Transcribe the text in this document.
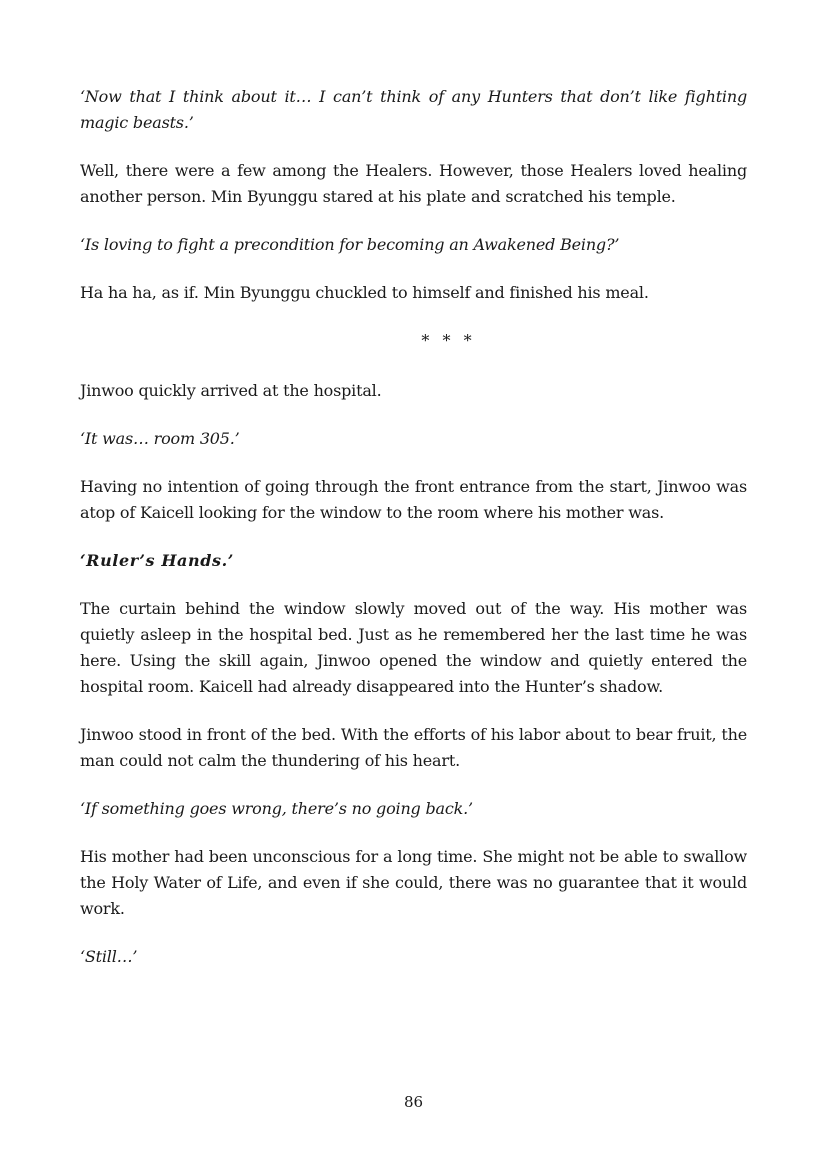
‘Now that I think about it… I can’t think of any Hunters that don’t like fighting magic beasts.’

Well, there were a few among the Healers. However, those Healers loved healing another person. Min Byunggu stared at his plate and scratched his temple.

‘Is loving to fight a precondition for becoming an Awakened Being?’

Ha ha ha, as if. Min Byunggu chuckled to himself and finished his meal.

* * *

Jinwoo quickly arrived at the hospital.

‘It was… room 305.’

Having no intention of going through the front entrance from the start, Jinwoo was atop of Kaicell looking for the window to the room where his mother was.

‘Ruler’s Hands.’

The curtain behind the window slowly moved out of the way. His mother was quietly asleep in the hospital bed. Just as he remembered her the last time he was here. Using the skill again, Jinwoo opened the window and quietly entered the hospital room. Kaicell had already disappeared into the Hunter’s shadow.

Jinwoo stood in front of the bed. With the efforts of his labor about to bear fruit, the man could not calm the thundering of his heart.

‘If something goes wrong, there’s no going back.’

His mother had been unconscious for a long time. She might not be able to swallow the Holy Water of Life, and even if she could, there was no guarantee that it would work.

‘Still…’

86
